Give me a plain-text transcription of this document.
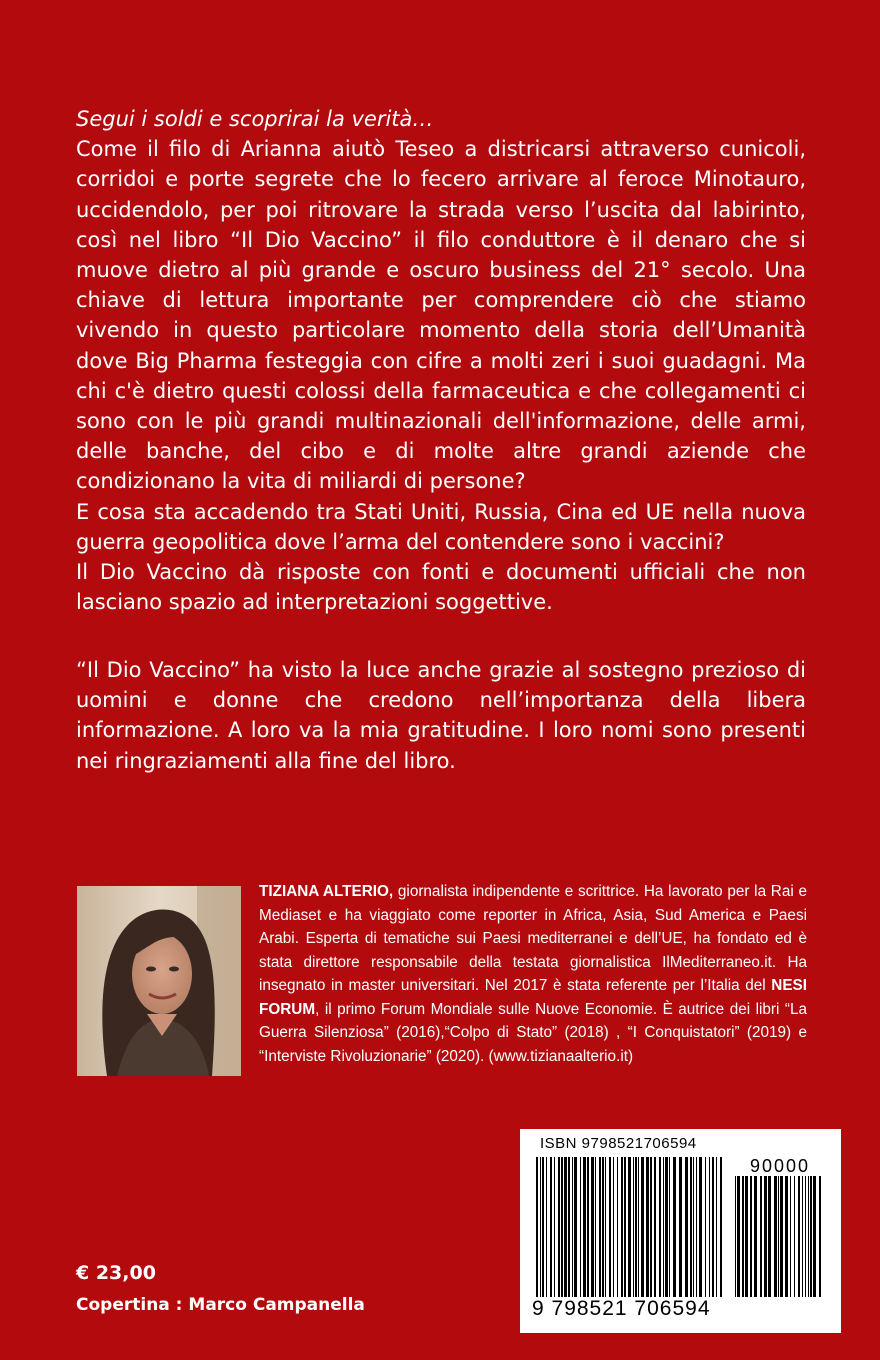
Segui i soldi e scoprirai la verità…

Come il filo di Arianna aiutò Teseo a districarsi attraverso cunicoli, corridoi e porte segrete che lo fecero arrivare al feroce Minotauro, uccidendolo, per poi ritrovare la strada verso l’uscita dal labirinto, così nel libro “Il Dio Vaccino” il filo conduttore è il denaro che si muove dietro al più grande e oscuro business del 21° secolo. Una chiave di lettura importante per comprendere ciò che stiamo vivendo in questo particolare momento della storia dell’Umanità dove Big Pharma festeggia con cifre a molti zeri i suoi guadagni. Ma chi c'è dietro questi colossi della farmaceutica e che collegamenti ci sono con le più grandi multinazionali dell'informazione, delle armi, delle banche, del cibo e di molte altre grandi aziende che condizionano la vita di miliardi di persone?

E cosa sta accadendo tra Stati Uniti, Russia, Cina ed UE nella nuova guerra geopolitica dove l’arma del contendere sono i vaccini?

Il Dio Vaccino dà risposte con fonti e documenti ufficiali che non lasciano spazio ad interpretazioni soggettive.

“Il Dio Vaccino” ha visto la luce anche grazie al sostegno prezioso di uomini e donne che credono nell’importanza della libera informazione. A loro va la mia gratitudine. I loro nomi sono presenti nei ringraziamenti alla fine del libro.

TIZIANA ALTERIO, giornalista indipendente e scrittrice. Ha lavorato per la Rai e Mediaset e ha viaggiato come reporter in Africa, Asia, Sud America e Paesi Arabi. Esperta di tematiche sui Paesi mediterranei e dell’UE, ha fondato ed è stata direttore responsabile della testata giornalistica IlMediterraneo.it. Ha insegnato in master universitari. Nel 2017 è stata referente per l’Italia del NESI FORUM, il primo Forum Mondiale sulle Nuove Economie. È autrice dei libri “La Guerra Silenziosa” (2016),“Colpo di Stato” (2018) , “I Conquistatori” (2019) e “Interviste Rivoluzionarie” (2020). (www.tizianaalterio.it)

€ 23,00
Copertina : Marco Campanella
ISBN 9798521706594
90000
9 798521 706594
